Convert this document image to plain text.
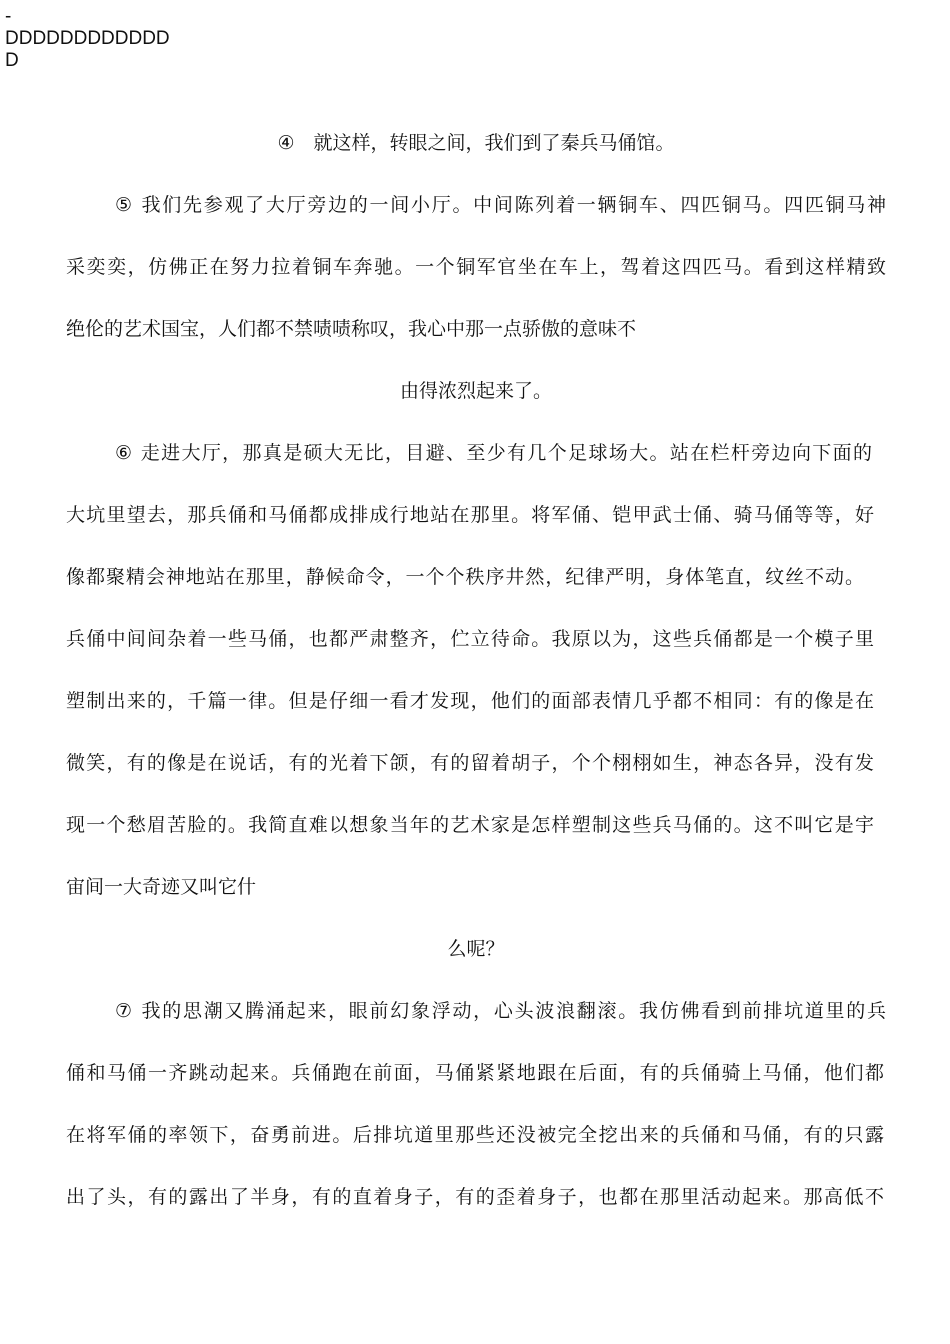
-
DDDDDDDDDDDD
D
④　就这样，转眼之间，我们到了秦兵马俑馆。
⑤ 我们先参观了大厅旁边的一间小厅。中间陈列着一辆铜车、四匹铜马。四匹铜马神
采奕奕，仿佛正在努力拉着铜车奔驰。一个铜军官坐在车上，驾着这四匹马。看到这样精致
绝伦的艺术国宝，人们都不禁啧啧称叹，我心中那一点骄傲的意味不
由得浓烈起来了。
⑥ 走进大厅，那真是硕大无比，目避、至少有几个足球场大。站在栏杆旁边向下面的
大坑里望去，那兵俑和马俑都成排成行地站在那里。将军俑、铠甲武士俑、骑马俑等等，好
像都聚精会神地站在那里，静候命令，一个个秩序井然，纪律严明，身体笔直，纹丝不动。
兵俑中间间杂着一些马俑，也都严肃整齐，伫立待命。我原以为，这些兵俑都是一个模子里
塑制出来的，千篇一律。但是仔细一看才发现，他们的面部表情几乎都不相同：有的像是在
微笑，有的像是在说话，有的光着下颌，有的留着胡子，个个栩栩如生，神态各异，没有发
现一个愁眉苦脸的。我简直难以想象当年的艺术家是怎样塑制这些兵马俑的。这不叫它是宇
宙间一大奇迹又叫它什
么呢？
⑦ 我的思潮又腾涌起来，眼前幻象浮动，心头波浪翻滚。我仿佛看到前排坑道里的兵
俑和马俑一齐跳动起来。兵俑跑在前面，马俑紧紧地跟在后面，有的兵俑骑上马俑，他们都
在将军俑的率领下，奋勇前进。后排坑道里那些还没被完全挖出来的兵俑和马俑，有的只露
出了头，有的露出了半身，有的直着身子，有的歪着身子，也都在那里活动起来。那高低不
